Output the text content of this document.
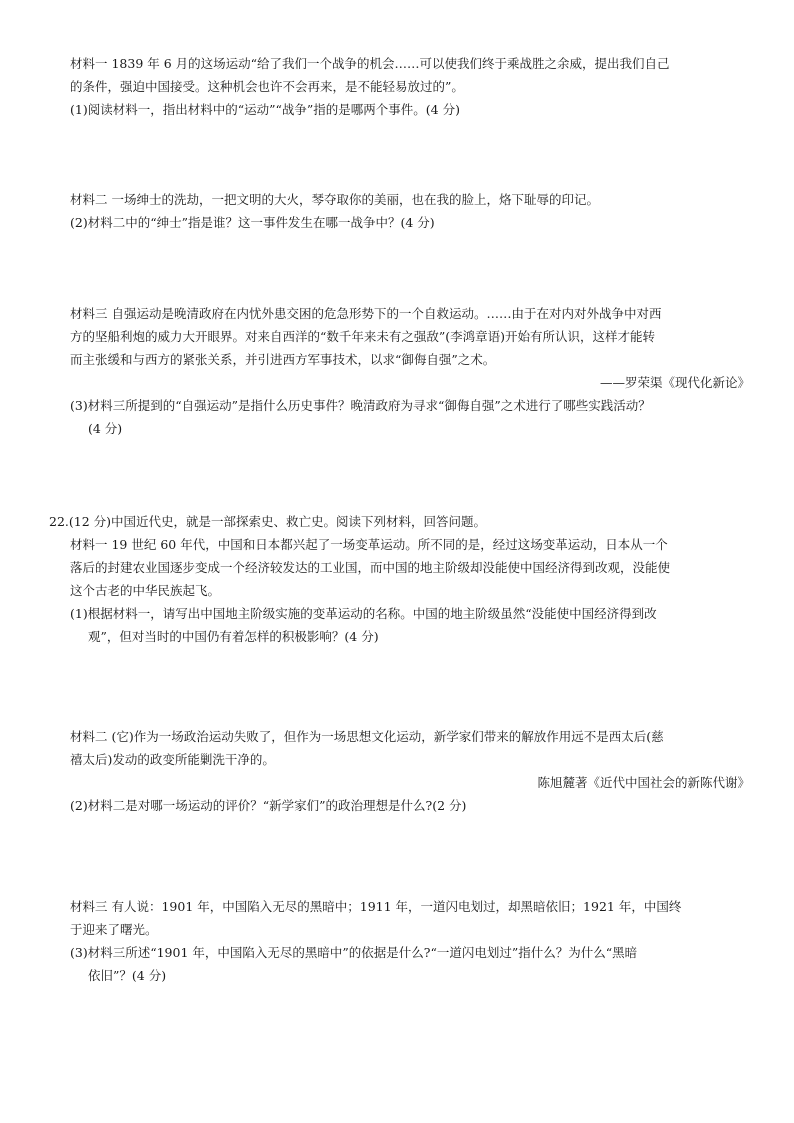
材料一 1839 年 6 月的这场运动“给了我们一个战争的机会……可以使我们终于乘战胜之余威，提出我们自己
的条件，强迫中国接受。这种机会也许不会再来，是不能轻易放过的”。
(1)阅读材料一，指出材料中的“运动”“战争”指的是哪两个事件。(4 分)
材料二 一场绅士的洗劫，一把文明的大火，琴夺取你的美丽，也在我的脸上，烙下耻辱的印记。
(2)材料二中的“绅士”指是谁？这一事件发生在哪一战争中？(4 分)
材料三 自强运动是晚清政府在内忧外患交困的危急形势下的一个自救运动。……由于在对内对外战争中对西
方的坚船利炮的威力大开眼界。对来自西洋的“数千年来未有之强敌”(李鸿章语)开始有所认识，这样才能转
而主张缓和与西方的紧张关系，并引进西方军事技术，以求“御侮自强”之术。
——罗荣渠《现代化新论》
(3)材料三所提到的“自强运动”是指什么历史事件？晚清政府为寻求“御侮自强”之术进行了哪些实践活动？
(4 分)
22.(12 分)中国近代史，就是一部探索史、救亡史。阅读下列材料，回答问题。
材料一 19 世纪 60 年代，中国和日本都兴起了一场变革运动。所不同的是，经过这场变革运动，日本从一个
落后的封建农业国逐步变成一个经济较发达的工业国，而中国的地主阶级却没能使中国经济得到改观，没能使
这个古老的中华民族起飞。
(1)根据材料一，请写出中国地主阶级实施的变革运动的名称。中国的地主阶级虽然“没能使中国经济得到改
观”，但对当时的中国仍有着怎样的积极影响？(4 分)
材料二 (它)作为一场政治运动失败了，但作为一场思想文化运动，新学家们带来的解放作用远不是西太后(慈
禧太后)发动的政变所能剿洗干净的。
陈旭麓著《近代中国社会的新陈代谢》
(2)材料二是对哪一场运动的评价？“新学家们”的政治理想是什么?(2 分)
材料三 有人说：1901 年，中国陷入无尽的黑暗中；1911 年，一道闪电划过，却黑暗依旧；1921 年，中国终
于迎来了曙光。
(3)材料三所述“1901 年，中国陷入无尽的黑暗中”的依据是什么?“一道闪电划过”指什么？为什么“黑暗
依旧”？(4 分)
